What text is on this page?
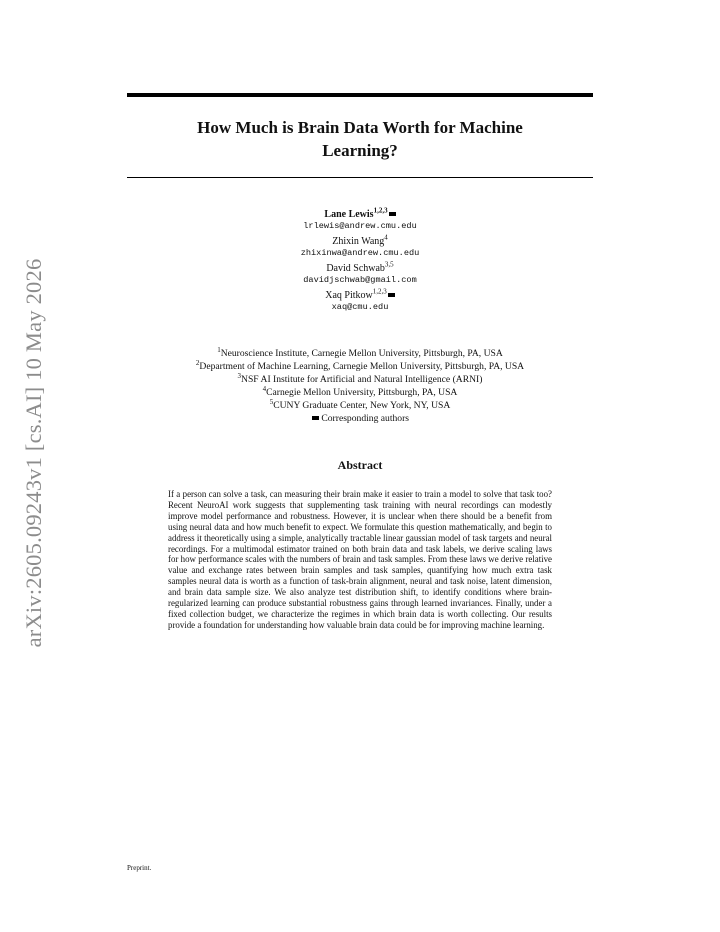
arXiv:2605.09243v1 [cs.AI] 10 May 2026
How Much is Brain Data Worth for Machine
Learning?
Lane Lewis$^{1,2,3}$
lrlewis@andrew.cmu.edu
Zhixin Wang$^4$
zhixinwa@andrew.cmu.edu
David Schwab$^{3,5}$
davidjschwab@gmail.com
Xaq Pitkow$^{1,2,3}$
xaq@cmu.edu
$^1$Neuroscience Institute, Carnegie Mellon University, Pittsburgh, PA, USA
$^2$Department of Machine Learning, Carnegie Mellon University, Pittsburgh, PA, USA
$^3$NSF AI Institute for Artificial and Natural Intelligence (ARNI)
$^4$Carnegie Mellon University, Pittsburgh, PA, USA
$^5$CUNY Graduate Center, New York, NY, USA
Corresponding authors
Abstract
If a person can solve a task, can measuring their brain make it easier to train a model to solve that task too? Recent NeuroAI work suggests that supplementing task training with neural recordings can modestly improve model performance and robustness. However, it is unclear when there should be a benefit from using neural data and how much benefit to expect. We formulate this question mathematically, and begin to address it theoretically using a simple, analytically tractable linear gaussian model of task targets and neural recordings. For a multimodal estimator trained on both brain data and task labels, we derive scaling laws for how performance scales with the numbers of brain and task samples. From these laws we derive relative value and exchange rates between brain samples and task samples, quantifying how much extra task samples neural data is worth as a function of task-brain alignment, neural and task noise, latent dimension, and brain data sample size. We also analyze test distribution shift, to identify conditions where brain-regularized learning can produce substantial robustness gains through learned invariances. Finally, under a fixed collection budget, we characterize the regimes in which brain data is worth collecting. Our results provide a foundation for understanding how valuable brain data could be for improving machine learning.
Preprint.
